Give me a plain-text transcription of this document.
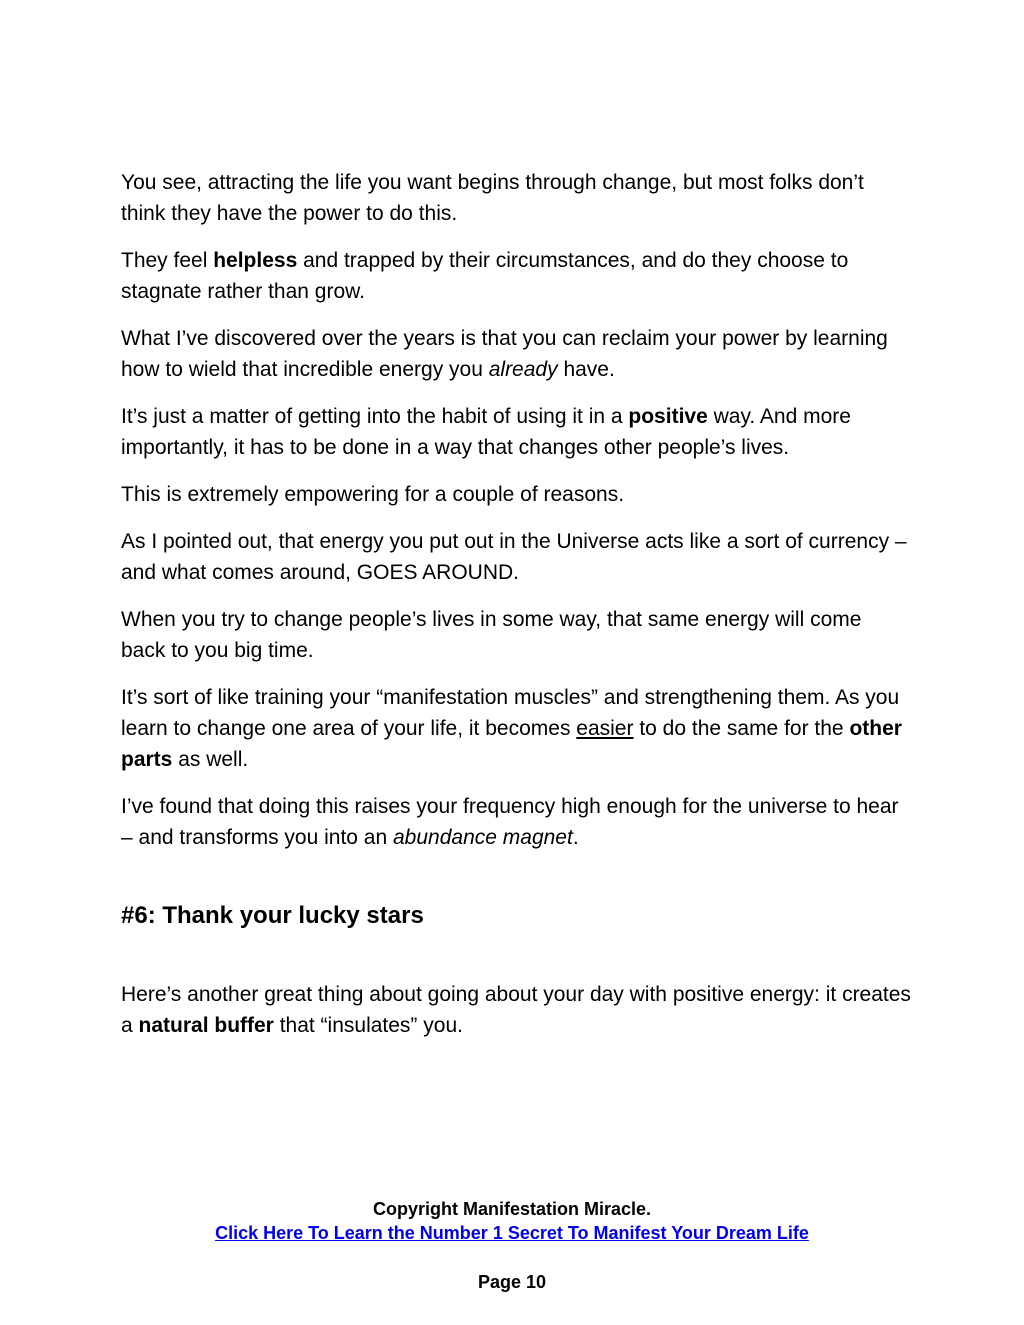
You see, attracting the life you want begins through change, but most folks don’t think they have the power to do this.

They feel helpless and trapped by their circumstances, and do they choose to stagnate rather than grow.

What I’ve discovered over the years is that you can reclaim your power by learning how to wield that incredible energy you already have.

It’s just a matter of getting into the habit of using it in a positive way. And more importantly, it has to be done in a way that changes other people’s lives.

This is extremely empowering for a couple of reasons.

As I pointed out, that energy you put out in the Universe acts like a sort of currency – and what comes around, GOES AROUND.

When you try to change people’s lives in some way, that same energy will come back to you big time.

It’s sort of like training your “manifestation muscles” and strengthening them. As you learn to change one area of your life, it becomes easier to do the same for the other parts as well.

I’ve found that doing this raises your frequency high enough for the universe to hear – and transforms you into an abundance magnet.

#6: Thank your lucky stars

Here’s another great thing about going about your day with positive energy: it creates a natural buffer that “insulates” you.

Copyright Manifestation Miracle.
Click Here To Learn the Number 1 Secret To Manifest Your Dream Life
Page 10
